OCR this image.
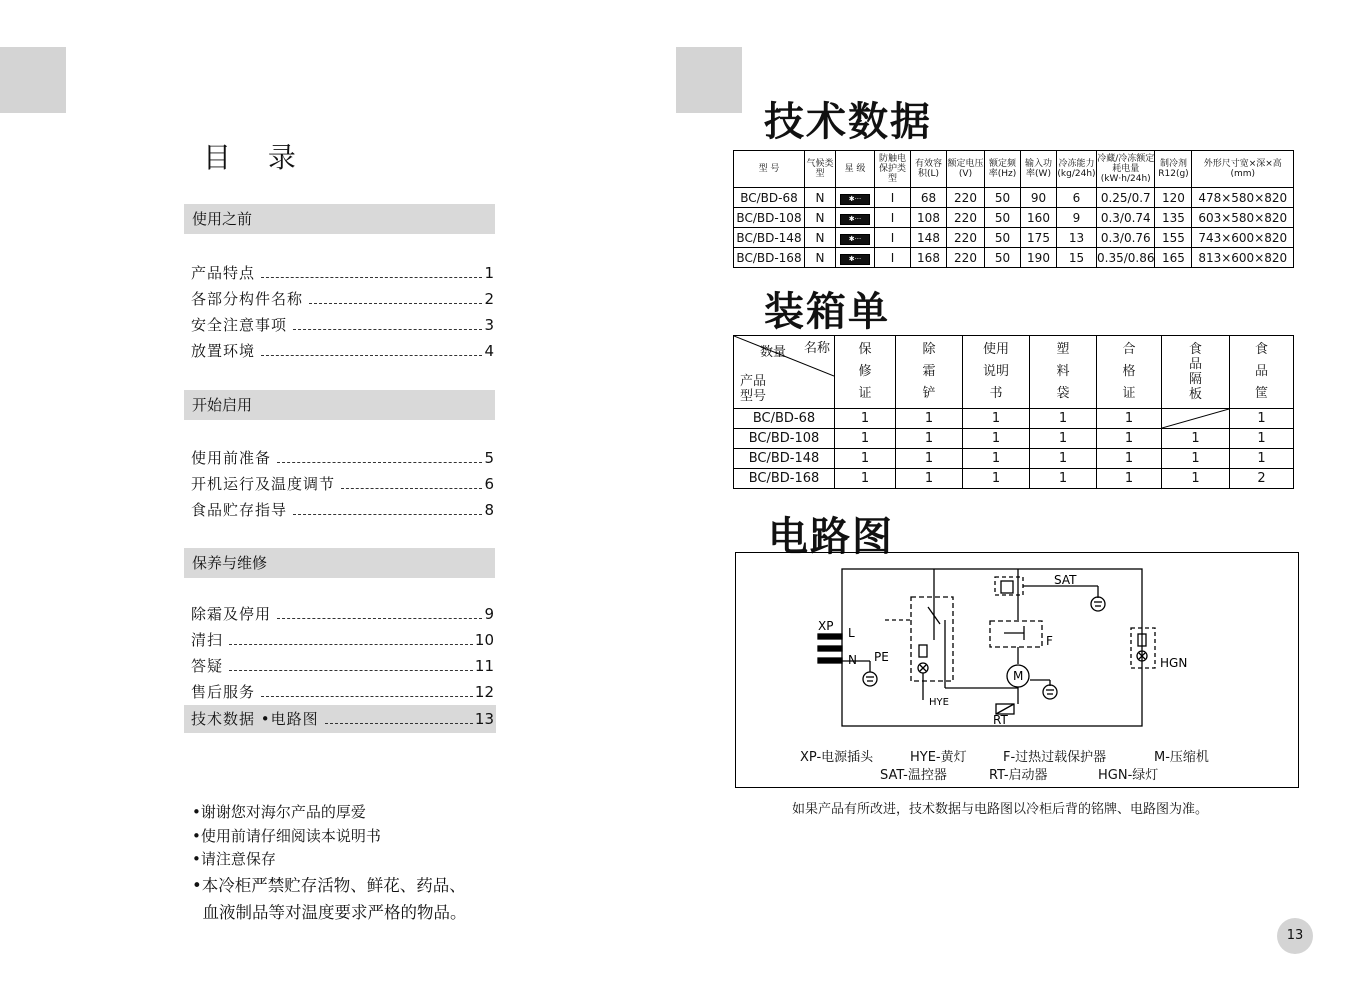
目 录
使用之前
产品特点	1
各部分构件名称	2
安全注意事项	3
放置环境	4
开始启用
使用前准备	5
开机运行及温度调节	6
食品贮存指导	8
保养与维修
除霜及停用	9
清扫	10
答疑	11
售后服务	12
技术数据 •电路图	13
•谢谢您对海尔产品的厚爱
•使用前请仔细阅读本说明书
•请注意保存
•本冷柜严禁贮存活物、鲜花、药品、
血液制品等对温度要求严格的物品。
技术数据
型 号	气候类型	星 级	防触电保护类型	有效容积(L)	额定电压(V)	额定频率(Hz)	输入功率(W)	冷冻能力(kg/24h)	冷藏/冷冻额定耗电量(kW·h/24h)	制冷剂R12(g)	外形尺寸宽×深×高(mm)
BC/BD-68	N	✱···	I	68	220	50	90	6	0.25/0.7	120	478×580×820
BC/BD-108	N	✱···	I	108	220	50	160	9	0.3/0.74	135	603×580×820
BC/BD-148	N	✱···	I	148	220	50	175	13	0.3/0.76	155	743×600×820
BC/BD-168	N	✱···	I	168	220	50	190	15	0.35/0.86	165	813×600×820
装箱单
数量 名称
产品型号	保修证	除霜铲	使用说明书	塑料袋	合格证	食品隔板	食品筐

BC/BD-68	1	1	1	1	1		1
BC/BD-108	1	1	1	1	1	1	1
BC/BD-148	1	1	1	1	1	1	1
BC/BD-168	1	1	1	1	1	1	2
电路图
XP L
N PE
SAT
F
M
HYE
RT
HGN
XP-电源插头	HYE-黄灯	F-过热过载保护器	M-压缩机
SAT-温控器	RT-启动器	HGN-绿灯
如果产品有所改进，技术数据与电路图以冷柜后背的铭牌、电路图为准。
13
